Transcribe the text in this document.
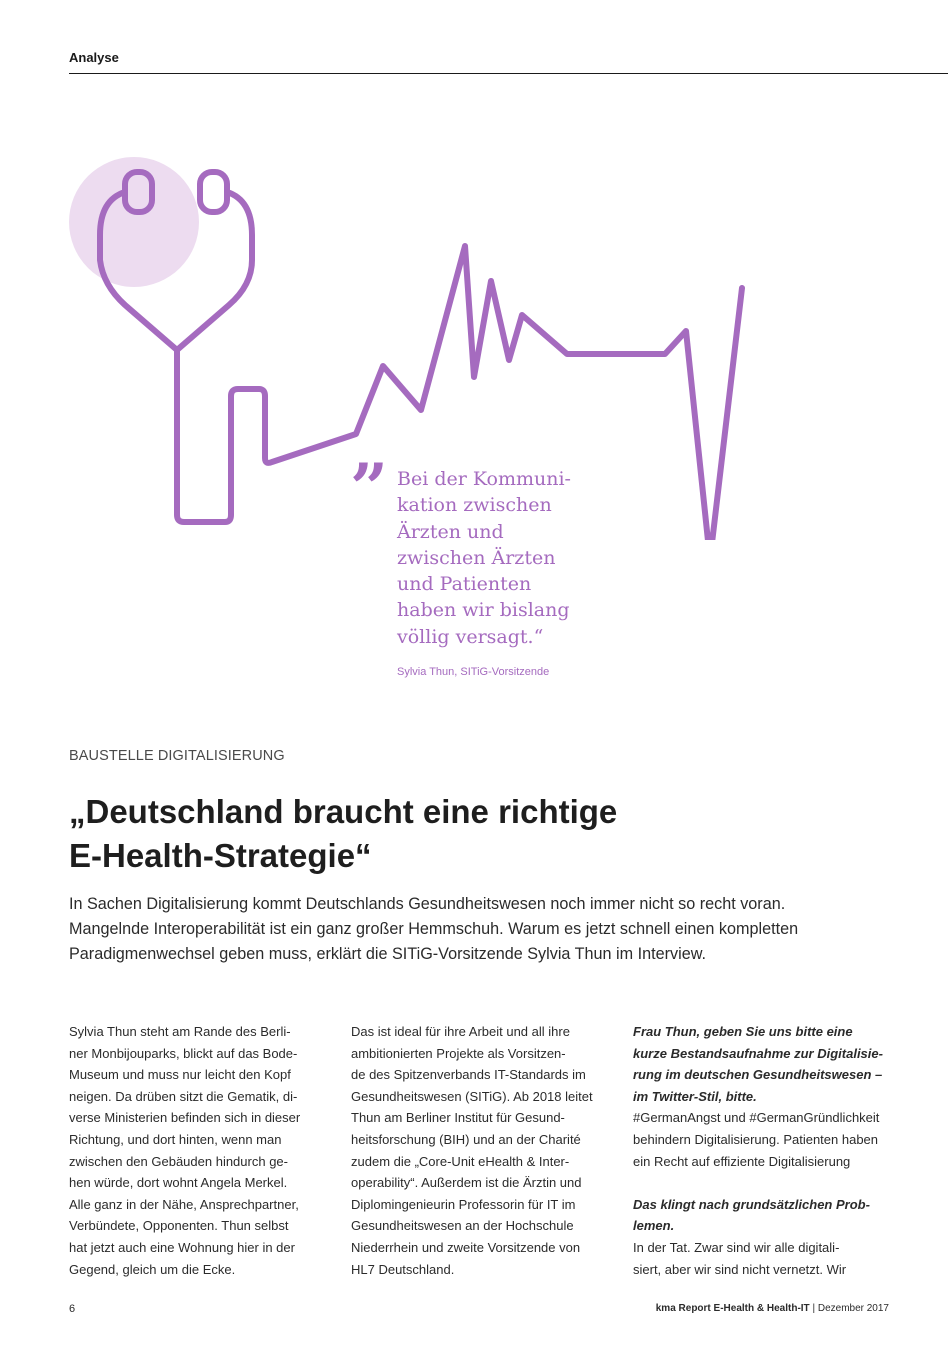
Analyse
” Bei der Kommuni-
kation zwischen
Ärzten und
zwischen Ärzten
und Patienten
haben wir bislang
völlig versagt.“

Sylvia Thun, SITiG-Vorsitzende
BAUSTELLE DIGITALISIERUNG
„Deutschland braucht eine richtige
E-Health-Strategie“

In Sachen Digitalisierung kommt Deutschlands Gesundheitswesen noch immer nicht so recht voran.
Mangelnde Interoperabilität ist ein ganz großer Hemmschuh. Warum es jetzt schnell einen kompletten
Paradigmenwechsel geben muss, erklärt die SITiG-Vorsitzende Sylvia Thun im Interview.

Sylvia Thun steht am Rande des Berli-
ner Monbijouparks, blickt auf das Bode-
Museum und muss nur leicht den Kopf
neigen. Da drüben sitzt die Gematik, di-
verse Ministerien befinden sich in dieser
Richtung, und dort hinten, wenn man
zwischen den Gebäuden hindurch ge-
hen würde, dort wohnt Angela Merkel.
Alle ganz in der Nähe, Ansprechpartner,
Verbündete, Opponenten. Thun selbst
hat jetzt auch eine Wohnung hier in der
Gegend, gleich um die Ecke.

Das ist ideal für ihre Arbeit und all ihre
ambitionierten Projekte als Vorsitzen-
de des Spitzenverbands IT-Standards im
Gesundheitswesen (SITiG). Ab 2018 leitet
Thun am Berliner Institut für Gesund-
heitsforschung (BIH) und an der Charité
zudem die „Core-Unit eHealth & Inter-
operability“. Außerdem ist die Ärztin und
Diplomingenieurin Professorin für IT im
Gesundheitswesen an der Hochschule
Niederrhein und zweite Vorsitzende von
HL7 Deutschland.

Frau Thun, geben Sie uns bitte eine
kurze Bestandsaufnahme zur Digitalisie-
rung im deutschen Gesundheitswesen –
im Twitter-Stil, bitte.

#GermanAngst und #GermanGründlichkeit
behindern Digitalisierung. Patienten haben
ein Recht auf effiziente Digitalisierung

Das klingt nach grundsätzlichen Prob-
lemen.

In der Tat. Zwar sind wir alle digitali-
siert, aber wir sind nicht vernetzt. Wir

6	kma Report E-Health & Health-IT | Dezember 2017
